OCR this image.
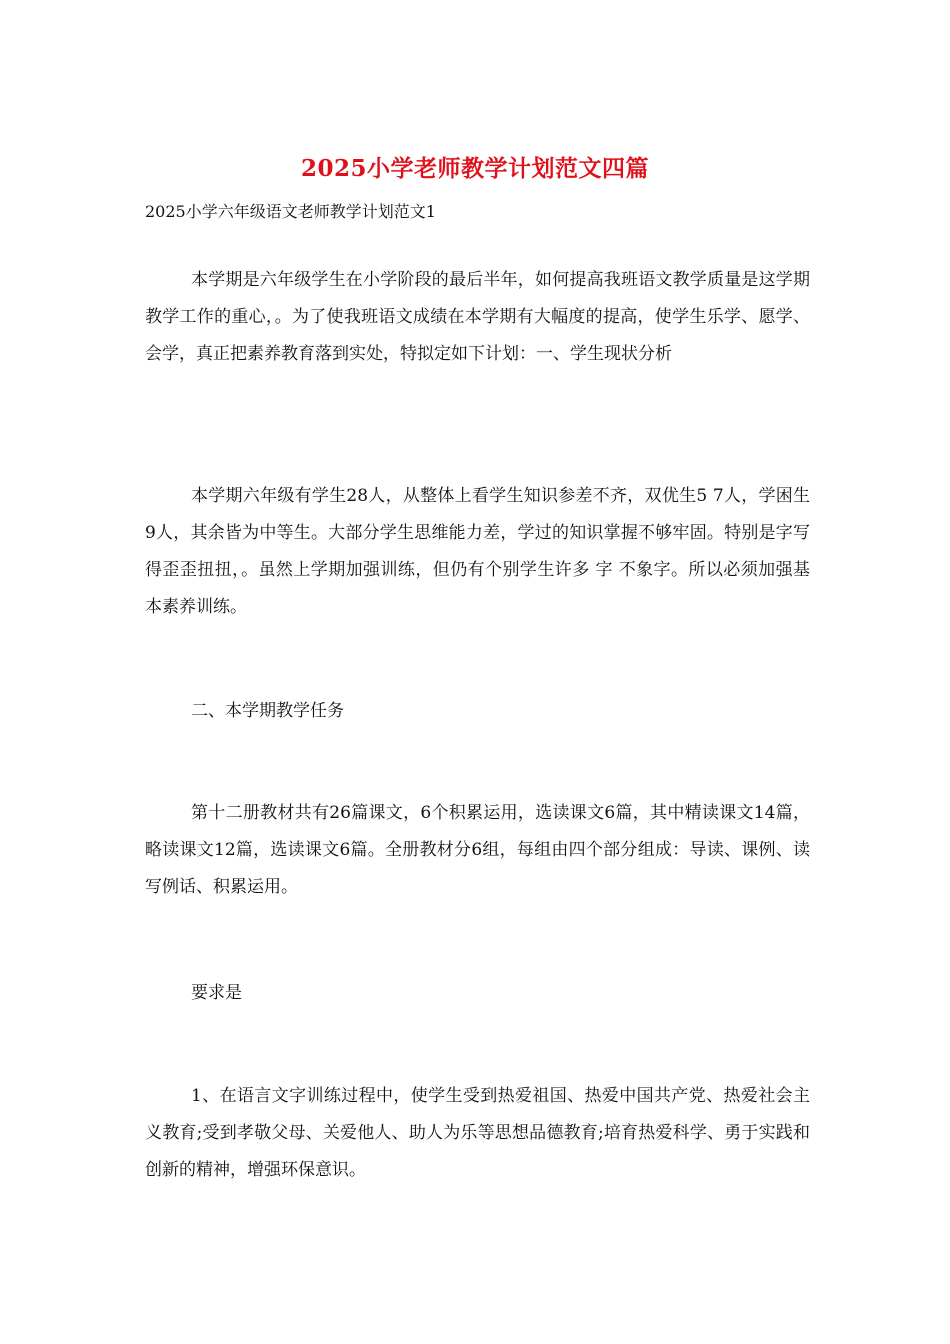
2025小学老师教学计划范文四篇
2025小学六年级语文老师教学计划范文1

本学期是六年级学生在小学阶段的最后半年，如何提高我班语文教学质量是这学期教学工作的重心，。为了使我班语文成绩在本学期有大幅度的提高，使学生乐学、愿学、会学，真正把素养教育落到实处，特拟定如下计划：一、学生现状分析

本学期六年级有学生28人，从整体上看学生知识参差不齐，双优生5 7人，学困生9人，其余皆为中等生。大部分学生思维能力差，学过的知识掌握不够牢固。特别是字写得歪歪扭扭，。虽然上学期加强训练，但仍有个别学生许多 字 不象字。所以必须加强基本素养训练。

二、本学期教学任务

第十二册教材共有26篇课文，6个积累运用，选读课文6篇，其中精读课文14篇，略读课文12篇，选读课文6篇。全册教材分6组，每组由四个部分组成：导读、课例、读写例话、积累运用。

要求是

1、在语言文字训练过程中，使学生受到热爱祖国、热爱中国共产党、热爱社会主义教育;受到孝敬父母、关爱他人、助人为乐等思想品德教育;培育热爱科学、勇于实践和创新的精神，增强环保意识。
